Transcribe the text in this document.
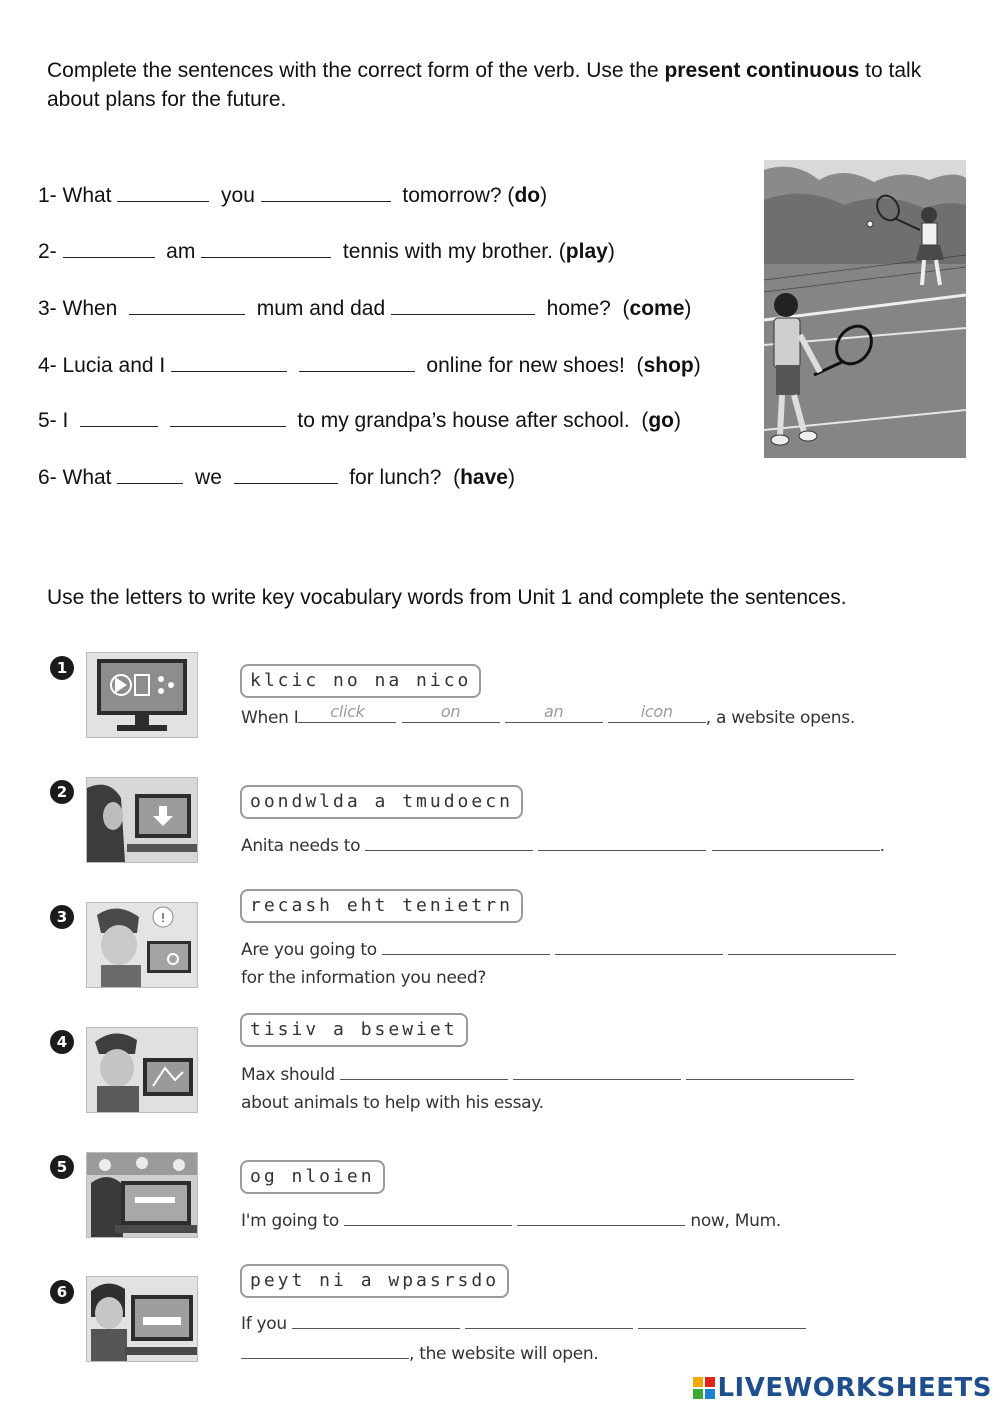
Complete the sentences with the correct form of the verb. Use the present continuous to talk about plans for the future.

1- What	you	tomorrow? (do)

2-	am	tennis with my brother. (play)

3- When	mum and dad	home?  (come)

4- Lucia and I	online for new shoes!  (shop)

5- I	to my grandpa’s house after school.  (go)

6- What	we	for lunch?  (have)
Use the letters to write key vocabulary words from Unit 1 and complete the sentences.
1
klcic no na nico
When I	click
	on
	an
	icon	, a website opens.
2	oondwlda a tmudoecn
Anita needs to	.
3	!
recash eht tenietrn
Are you going to
for the information you need?
4
tisiv a bsewiet
Max should
about animals to help with his essay.
5	og nloien
I'm going to	now, Mum.
6
peyt ni a wpasrsdo
If you
, the website will open.
LIVEWORKSHEETS
